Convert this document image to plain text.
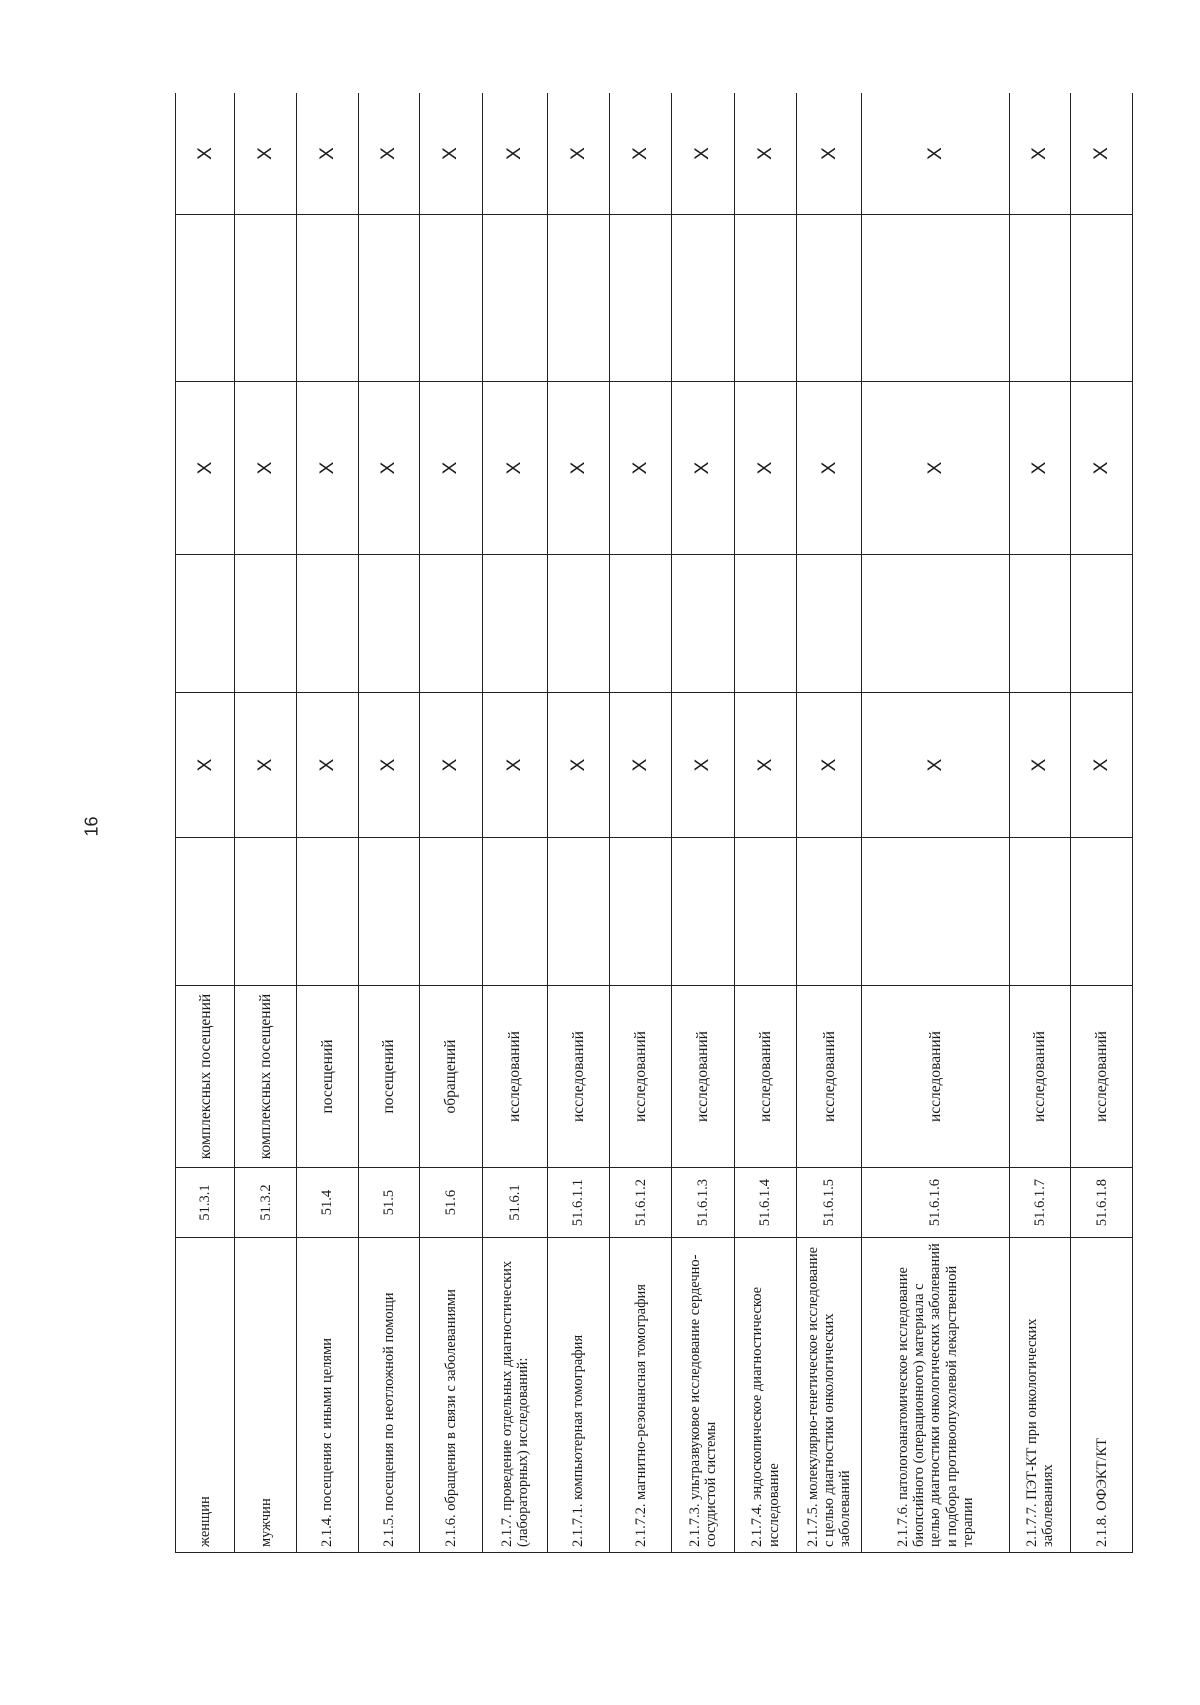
16
женщин	51.3.1	комплексных посещений		X		X		X
мужчин	51.3.2	комплексных посещений		X		X		X
2.1.4. посещения с иными целями	51.4	посещений		X		X		X
2.1.5. посещения по неотложной помощи	51.5	посещений		X		X		X
2.1.6. обращения в связи с заболеваниями	51.6	обращений		X		X		X
2.1.7. проведение отдельных диагностических (лабораторных) исследований:	51.6.1	исследований		X		X		X
2.1.7.1. компьютерная томография	51.6.1.1	исследований		X		X		X
2.1.7.2. магнитно-резонансная томография	51.6.1.2	исследований		X		X		X
2.1.7.3. ультразвуковое исследование сердечно-сосудистой системы	51.6.1.3	исследований		X		X		X
2.1.7.4. эндоскопическое диагностическое исследование	51.6.1.4	исследований		X		X		X
2.1.7.5. молекулярно-генетическое исследование с целью диагностики онкологических заболеваний	51.6.1.5	исследований		X		X		X
2.1.7.6. патологоанатомическое исследование биопсийного (операционного) материала с целью диагностики онкологических заболеваний и подбора противоопухолевой лекарственной терапии	51.6.1.6	исследований		X		X		X
2.1.7.7. ПЭТ-КТ при онкологических заболеваниях	51.6.1.7	исследований		X		X		X
2.1.8. ОФЭКТ/КТ	51.6.1.8	исследований		X		X		X
